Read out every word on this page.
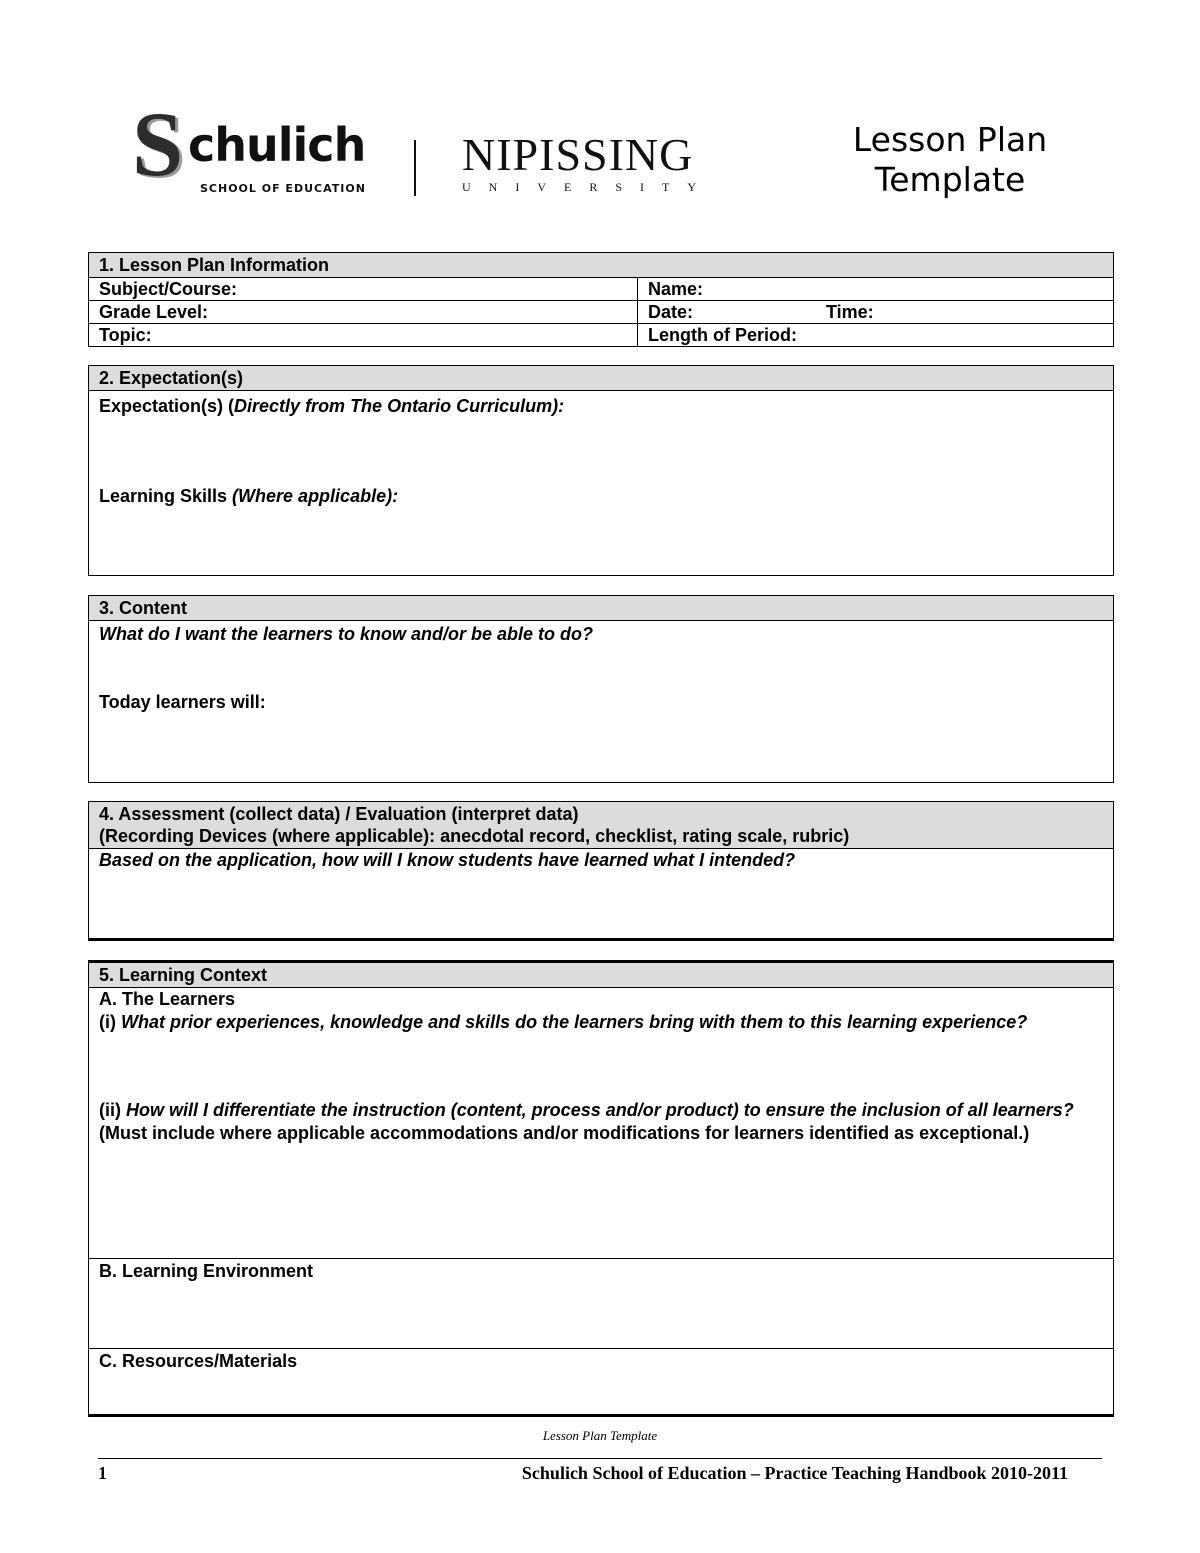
S chulich
SCHOOL OF EDUCATION
NIPISSING
UNIVERSITY
Lesson Plan
Template
1. Lesson Plan Information
Subject/Course:	Name:
Grade Level:	Date:	Time:
Topic:	Length of Period:
2. Expectation(s)
Expectation(s) (Directly from The Ontario Curriculum):
Learning Skills (Where applicable):
3. Content
What do I want the learners to know and/or be able to do?
Today learners will:
4. Assessment (collect data) / Evaluation (interpret data)
(Recording Devices (where applicable): anecdotal record, checklist, rating scale, rubric)
Based on the application, how will I know students have learned what I intended?
5. Learning Context
A. The Learners
(i) What prior experiences, knowledge and skills do the learners bring with them to this learning experience?
(ii) How will I differentiate the instruction (content, process and/or product) to ensure the inclusion of all learners? (Must include where applicable accommodations and/or modifications for learners identified as exceptional.)
B. Learning Environment
C. Resources/Materials
Lesson Plan Template
1	Schulich School of Education – Practice Teaching Handbook 2010-2011
